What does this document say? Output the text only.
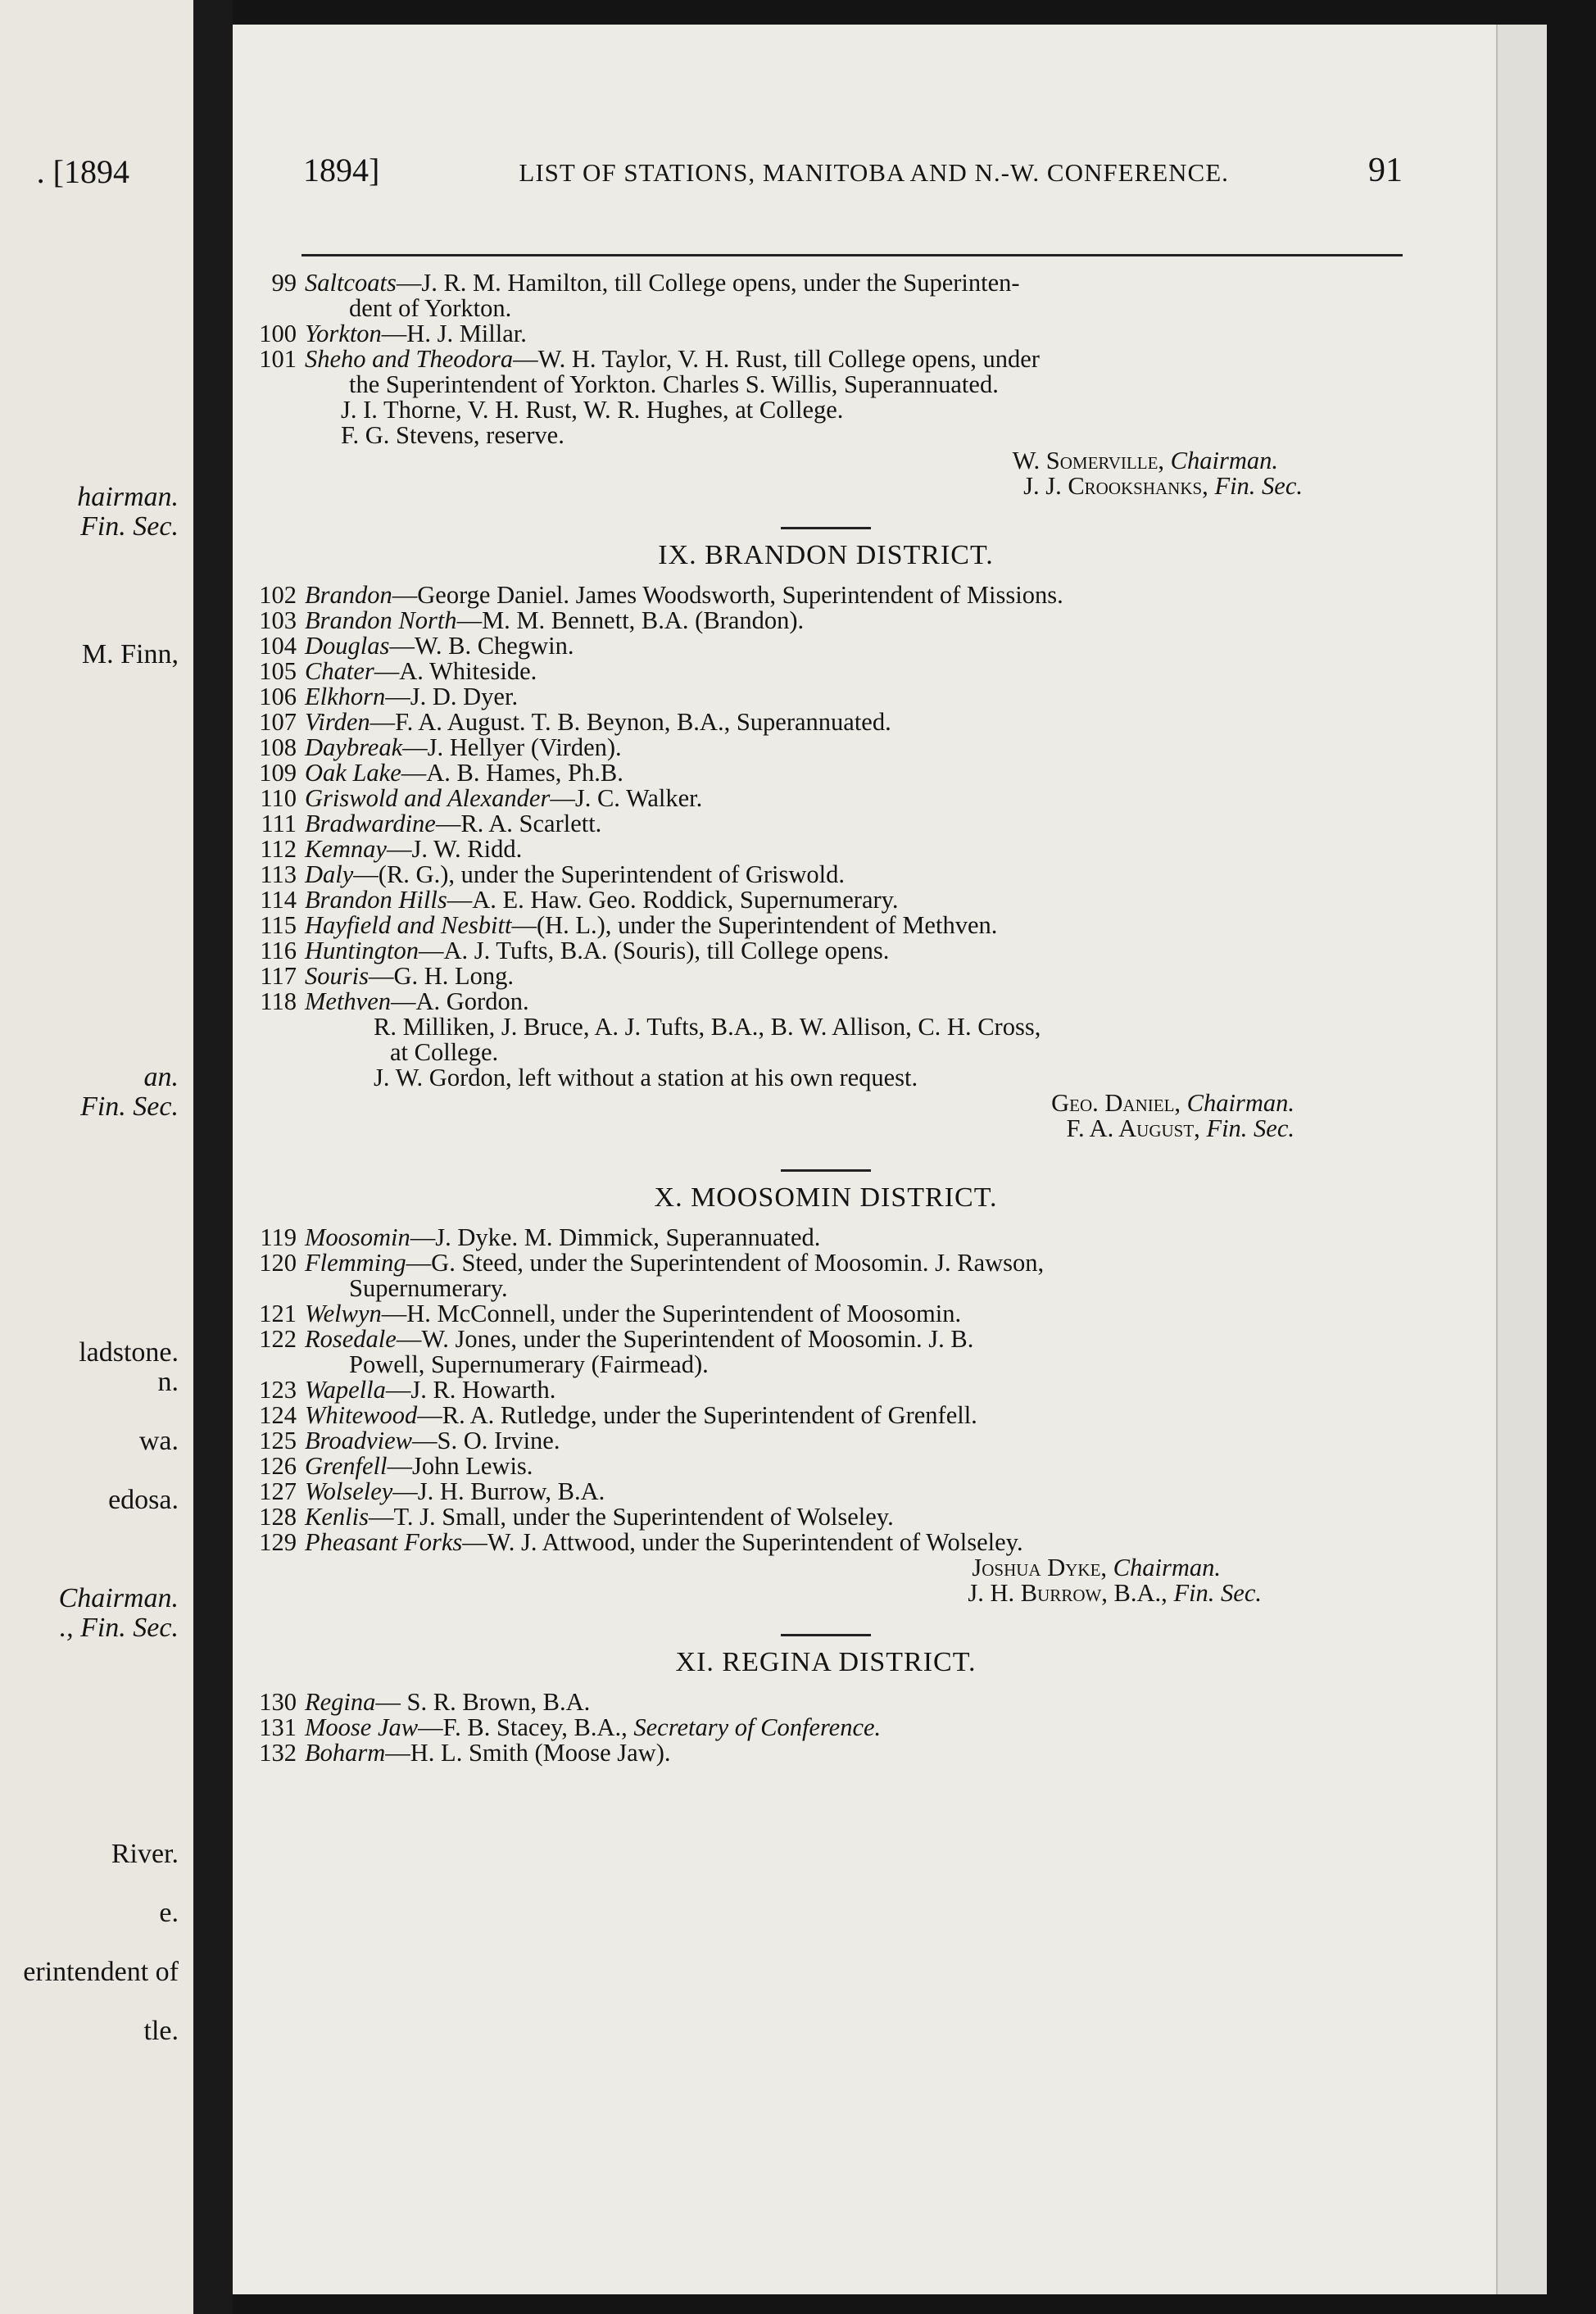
. [1894
hairman.
Fin. Sec.
M. Finn,
an.
Fin. Sec.
ladstone.
n.
wa.
edosa.
Chairman.
., Fin. Sec.
River.
e.
erintendent of
tle.
1894]	LIST OF STATIONS, MANITOBA AND N.-W. CONFERENCE.	91
99 Saltcoats—J. R. M. Hamilton, till College opens, under the Superinten-
dent of Yorkton.
100 Yorkton—H. J. Millar.
101 Sheho and Theodora—W. H. Taylor, V. H. Rust, till College opens, under
the Superintendent of Yorkton. Charles S. Willis, Superannuated.
J. I. Thorne, V. H. Rust, W. R. Hughes, at College.
F. G. Stevens, reserve.
W. Somerville, Chairman.
J. J. Crookshanks, Fin. Sec.
IX. BRANDON DISTRICT.
102 Brandon—George Daniel. James Woodsworth, Superintendent of Missions.
103 Brandon North—M. M. Bennett, B.A. (Brandon).
104 Douglas—W. B. Chegwin.
105 Chater—A. Whiteside.
106 Elkhorn—J. D. Dyer.
107 Virden—F. A. August. T. B. Beynon, B.A., Superannuated.
108 Daybreak—J. Hellyer (Virden).
109 Oak Lake—A. B. Hames, Ph.B.
110 Griswold and Alexander—J. C. Walker.
111 Bradwardine—R. A. Scarlett.
112 Kemnay—J. W. Ridd.
113 Daly—(R. G.), under the Superintendent of Griswold.
114 Brandon Hills—A. E. Haw. Geo. Roddick, Supernumerary.
115 Hayfield and Nesbitt—(H. L.), under the Superintendent of Methven.
116 Huntington—A. J. Tufts, B.A. (Souris), till College opens.
117 Souris—G. H. Long.
118 Methven—A. Gordon.
R. Milliken, J. Bruce, A. J. Tufts, B.A., B. W. Allison, C. H. Cross,
at College.
J. W. Gordon, left without a station at his own request.
Geo. Daniel, Chairman.
F. A. August, Fin. Sec.
X. MOOSOMIN DISTRICT.
119 Moosomin—J. Dyke. M. Dimmick, Superannuated.
120 Flemming—G. Steed, under the Superintendent of Moosomin. J. Rawson,
Supernumerary.
121 Welwyn—H. McConnell, under the Superintendent of Moosomin.
122 Rosedale—W. Jones, under the Superintendent of Moosomin. J. B.
Powell, Supernumerary (Fairmead).
123 Wapella—J. R. Howarth.
124 Whitewood—R. A. Rutledge, under the Superintendent of Grenfell.
125 Broadview—S. O. Irvine.
126 Grenfell—John Lewis.
127 Wolseley—J. H. Burrow, B.A.
128 Kenlis—T. J. Small, under the Superintendent of Wolseley.
129 Pheasant Forks—W. J. Attwood, under the Superintendent of Wolseley.
Joshua Dyke, Chairman.
J. H. Burrow, B.A., Fin. Sec.
XI. REGINA DISTRICT.
130 Regina— S. R. Brown, B.A.
131 Moose Jaw—F. B. Stacey, B.A., Secretary of Conference.
132 Boharm—H. L. Smith (Moose Jaw).
